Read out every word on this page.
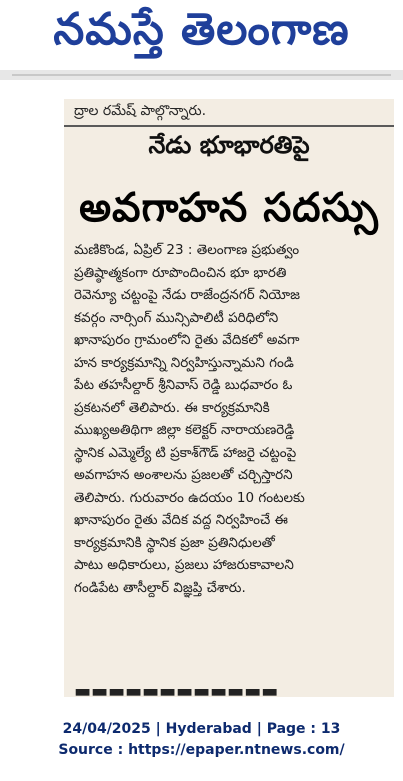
నమస్తే తెలంగాణ
ద్రాల రమేష్ పాల్గొన్నారు.
నేడు భూభారతిపై
అవగాహన సదస్సు
మణికొండ, ఏప్రిల్ 23 : తెలంగాణ ప్రభుత్వం
ప్రతిష్ఠాత్మకంగా రూపొందించిన భూ భారతి
రెవెన్యూ చట్టంపై నేడు రాజేంద్రనగర్ నియోజ
కవర్గం నార్సింగ్ మున్సిపాలిటీ పరిధిలోని
ఖానాపురం గ్రామంలోని రైతు వేదికలో అవగా
హన కార్యక్రమాన్ని నిర్వహిస్తున్నామని గండి
పేట తహసీల్దార్ శ్రీనివాస్ రెడ్డి బుధవారం ఓ
ప్రకటనలో తెలిపారు. ఈ కార్యక్రమానికి
ముఖ్యఅతిథిగా జిల్లా కలెక్టర్ నారాయణరెడ్డి
స్థానిక ఎమ్మెల్యే టి ప్రకాశ్‌గౌడ్ హాజరై చట్టంపై
అవగాహన అంశాలను ప్రజలతో చర్చిస్తారని
తెలిపారు. గురువారం ఉదయం 10 గంటలకు
ఖానాపురం రైతు వేదిక వద్ద నిర్వహించే ఈ
కార్యక్రమానికి స్థానిక ప్రజా ప్రతినిధులతో
పాటు అధికారులు, ప్రజలు హాజరుకావాలని
గండిపేట తాసీల్దార్ విజ్ఞప్తి చేశారు.
▬▬▬▬▬▬▬▬▬▬▬▬
24/04/2025 | Hyderabad | Page : 13
Source : https://epaper.ntnews.com/
